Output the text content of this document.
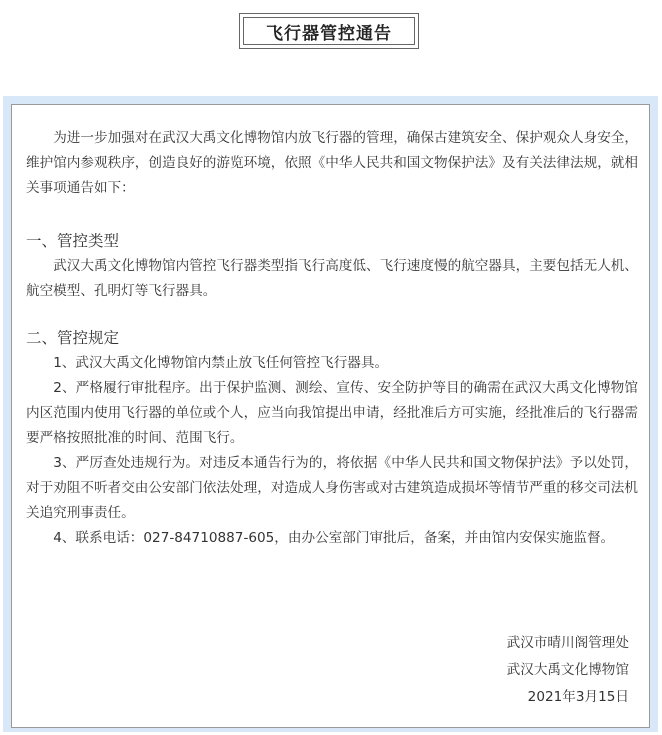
飞行器管控通告

为进一步加强对在武汉大禹文化博物馆内放飞行器的管理，确保古建筑安全、保护观众人身安全，维护馆内参观秩序，创造良好的游览环境，依照《中华人民共和国文物保护法》及有关法律法规，就相关事项通告如下：

一、管控类型

武汉大禹文化博物馆内管控飞行器类型指飞行高度低、飞行速度慢的航空器具，主要包括无人机、航空模型、孔明灯等飞行器具。

二、管控规定

1、武汉大禹文化博物馆内禁止放飞任何管控飞行器具。

2、严格履行审批程序。出于保护监测、测绘、宣传、安全防护等目的确需在武汉大禹文化博物馆内区范围内使用飞行器的单位或个人，应当向我馆提出申请，经批准后方可实施，经批准后的飞行器需要严格按照批准的时间、范围飞行。

3、严厉查处违规行为。对违反本通告行为的，将依据《中华人民共和国文物保护法》予以处罚，对于劝阻不听者交由公安部门依法处理，对造成人身伤害或对古建筑造成损坏等情节严重的移交司法机关追究刑事责任。

4、联系电话：027-84710887-605，由办公室部门审批后，备案，并由馆内安保实施监督。

武汉市晴川阁管理处
武汉大禹文化博物馆
2021年3月15日
